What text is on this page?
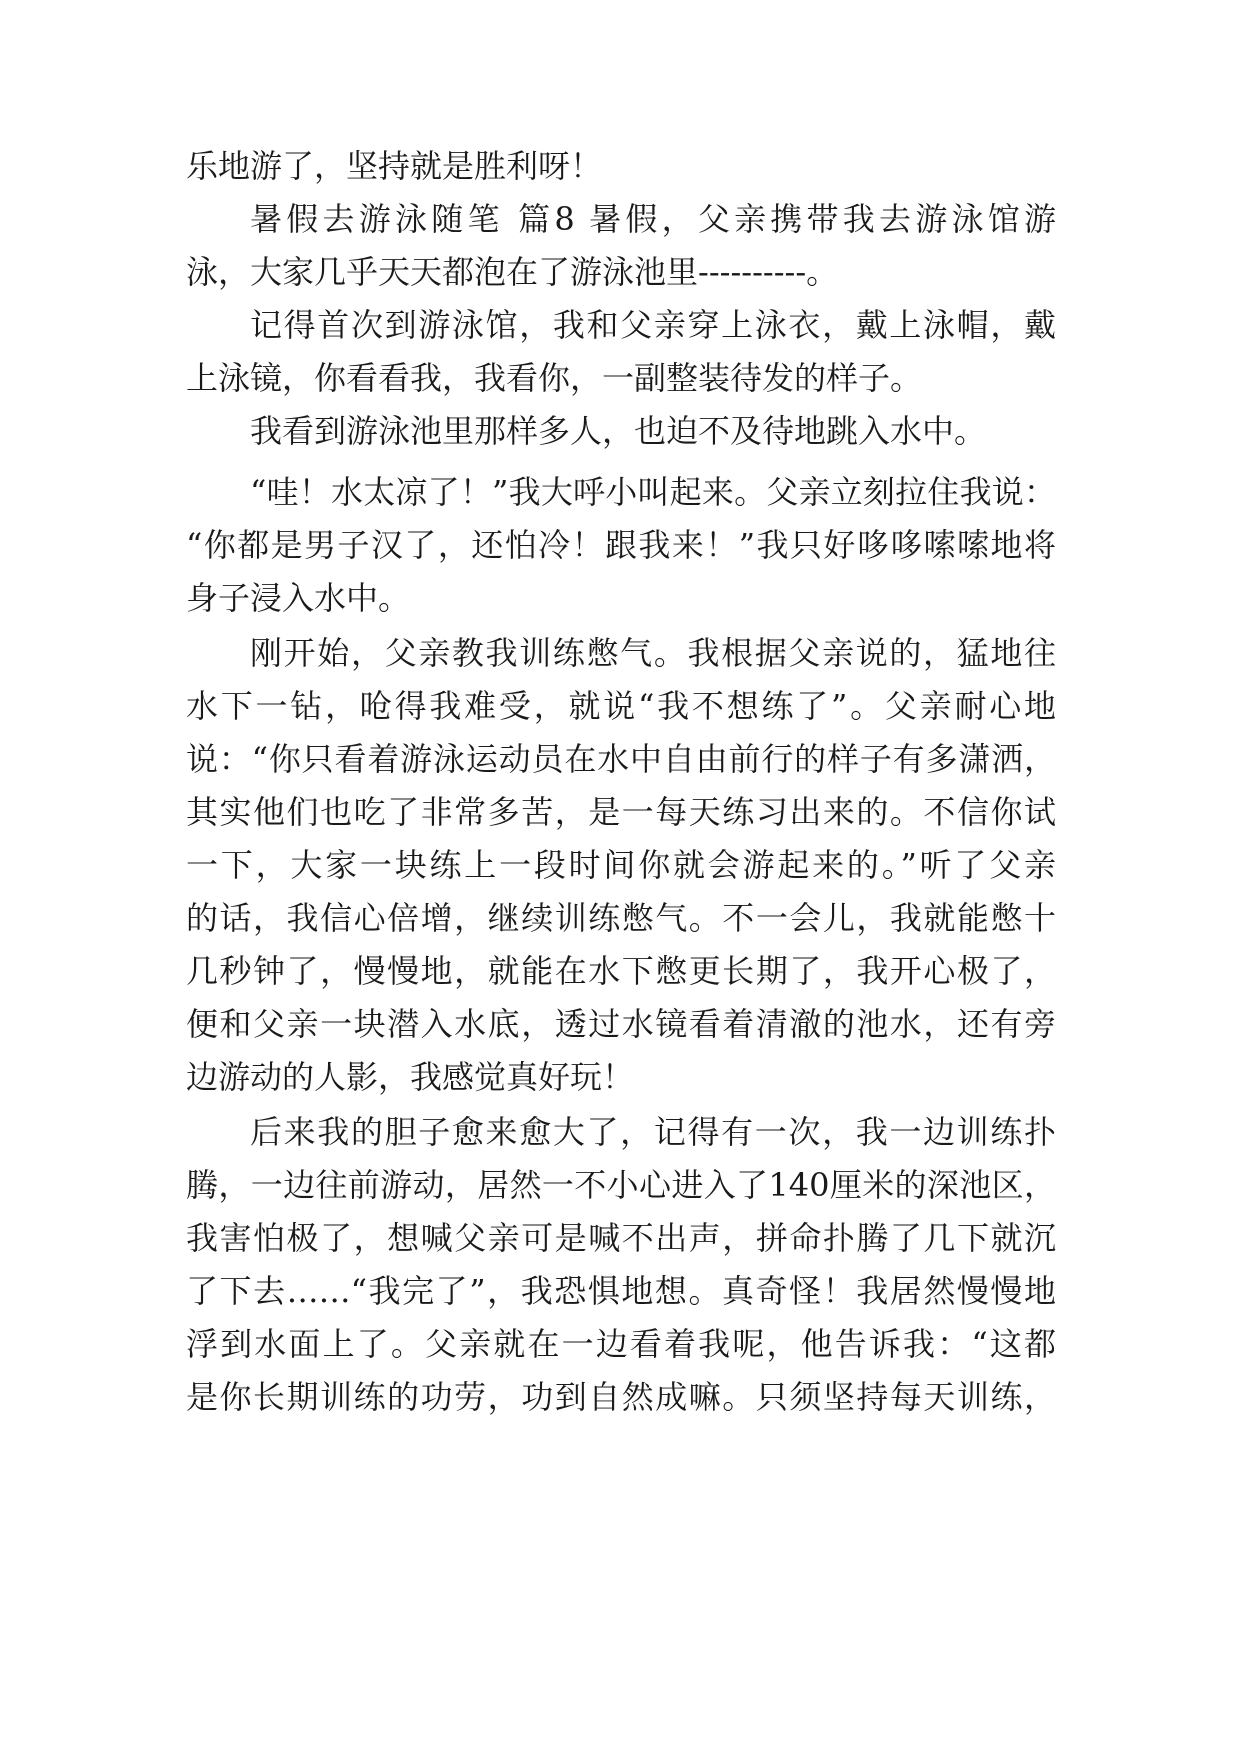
乐地游了，坚持就是胜利呀！
暑假去游泳随笔 篇8 暑假，父亲携带我去游泳馆游
泳，大家几乎天天都泡在了游泳池里----------。
记得首次到游泳馆，我和父亲穿上泳衣，戴上泳帽，戴
上泳镜，你看看我，我看你，一副整装待发的样子。
我看到游泳池里那样多人，也迫不及待地跳入水中。
“哇！水太凉了！”我大呼小叫起来。父亲立刻拉住我说：
“你都是男子汉了，还怕冷！跟我来！”我只好哆哆嗦嗦地将
身子浸入水中。
刚开始，父亲教我训练憋气。我根据父亲说的，猛地往
水下一钻，呛得我难受，就说“我不想练了”。父亲耐心地
说：“你只看着游泳运动员在水中自由前行的样子有多潇洒，
其实他们也吃了非常多苦，是一每天练习出来的。不信你试
一下，大家一块练上一段时间你就会游起来的。”听了父亲
的话，我信心倍增，继续训练憋气。不一会儿，我就能憋十
几秒钟了，慢慢地，就能在水下憋更长期了，我开心极了，
便和父亲一块潜入水底，透过水镜看着清澈的池水，还有旁
边游动的人影，我感觉真好玩！
后来我的胆子愈来愈大了，记得有一次，我一边训练扑
腾，一边往前游动，居然一不小心进入了140厘米的深池区，
我害怕极了，想喊父亲可是喊不出声，拼命扑腾了几下就沉
了下去……“我完了”，我恐惧地想。真奇怪！我居然慢慢地
浮到水面上了。父亲就在一边看着我呢，他告诉我：“这都
是你长期训练的功劳，功到自然成嘛。只须坚持每天训练，
